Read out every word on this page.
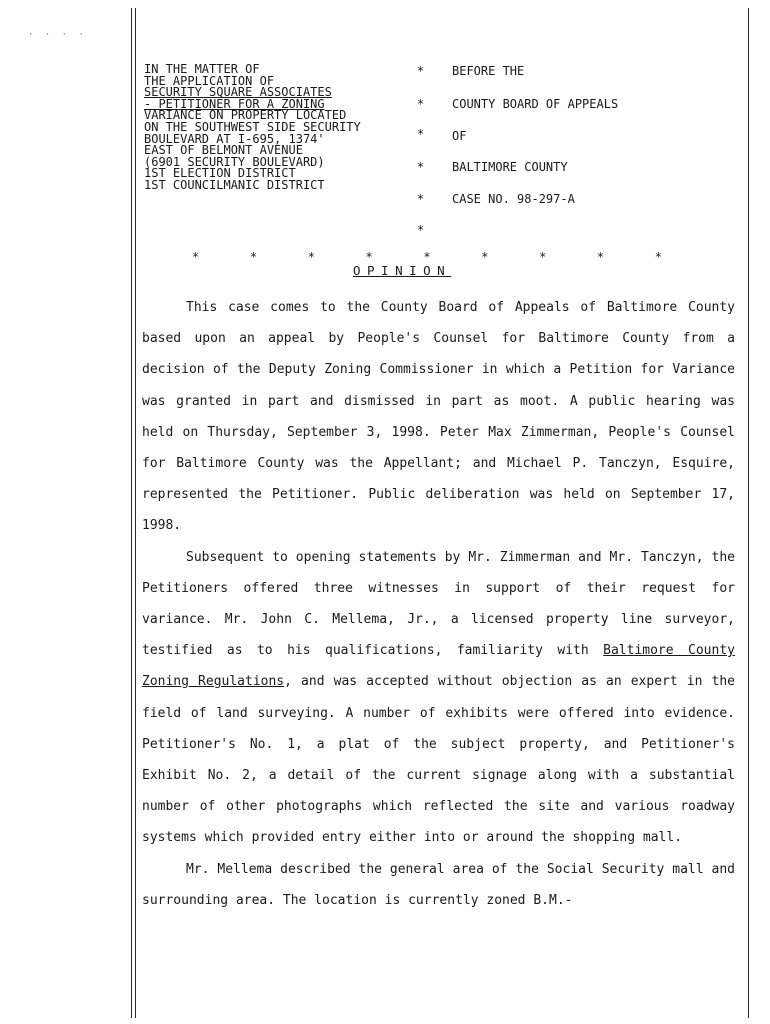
· · · ·
IN THE MATTER OF
THE APPLICATION OF
SECURITY SQUARE ASSOCIATES
- PETITIONER FOR A ZONING
VARIANCE ON PROPERTY LOCATED
ON THE SOUTHWEST SIDE SECURITY
BOULEVARD AT I-695, 1374'
EAST OF BELMONT AVENUE
(6901 SECURITY BOULEVARD)
1ST ELECTION DISTRICT
1ST COUNCILMANIC DISTRICT
*
*
*
*
*
*
BEFORE THE
COUNTY BOARD OF APPEALS
OF
BALTIMORE COUNTY
CASE NO. 98-297-A
*	*	*	*	*	*	*	*	*
OPINION

This case comes to the County Board of Appeals of Baltimore County based upon an appeal by People's Counsel for Baltimore County from a decision of the Deputy Zoning Commissioner in which a Petition for Variance was granted in part and dismissed in part as moot. A public hearing was held on Thursday, September 3, 1998. Peter Max Zimmerman, People's Counsel for Baltimore County was the Appellant; and Michael P. Tanczyn, Esquire, represented the Petitioner. Public deliberation was held on September 17, 1998.

Subsequent to opening statements by Mr. Zimmerman and Mr. Tanczyn, the Petitioners offered three witnesses in support of their request for variance. Mr. John C. Mellema, Jr., a licensed property line surveyor, testified as to his qualifications, familiarity with Baltimore County Zoning Regulations, and was accepted without objection as an expert in the field of land surveying. A number of exhibits were offered into evidence. Petitioner's No. 1, a plat of the subject property, and Petitioner's Exhibit No. 2, a detail of the current signage along with a substantial number of other photographs which reflected the site and various roadway systems which provided entry either into or around the shopping mall.

Mr. Mellema described the general area of the Social Security mall and surrounding area. The location is currently zoned B.M.-
